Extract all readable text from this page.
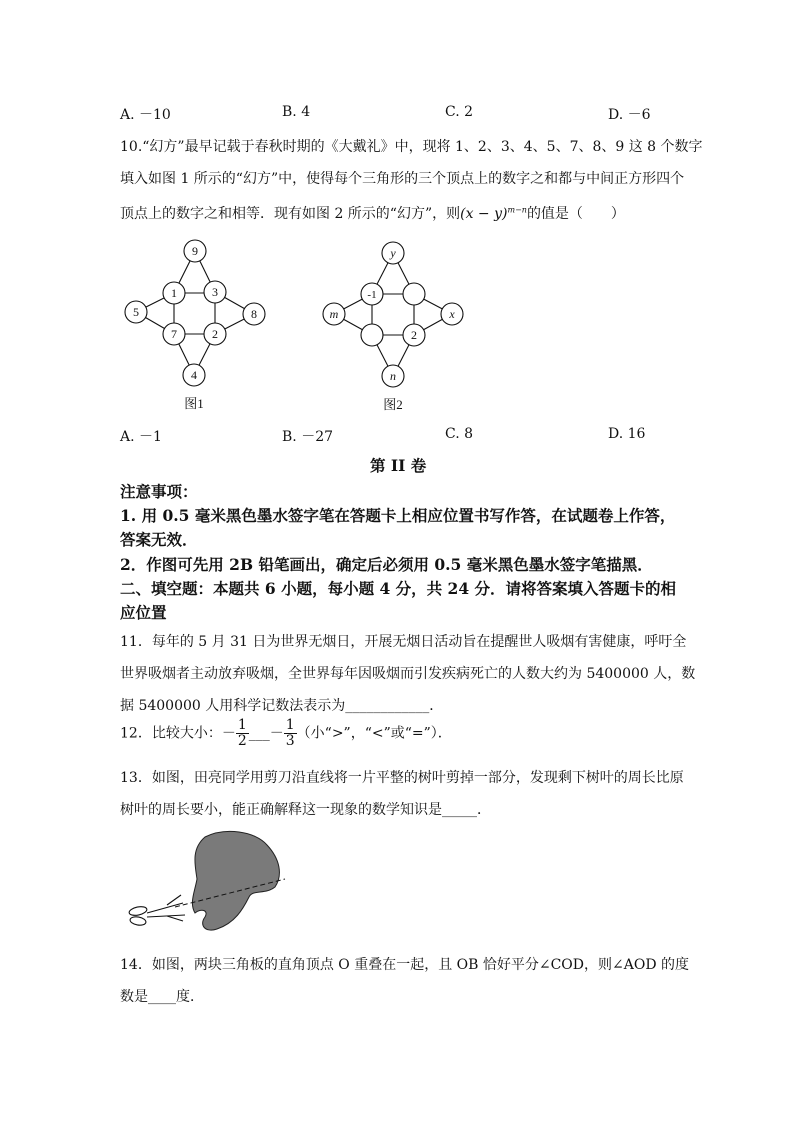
A. －10	B. 4	C. 2	D. －6
10.“幻方”最早记载于春秋时期的《大戴礼》中，现将 1、2、3、4、5、7、8、9 这 8 个数字
填入如图 1 所示的“幻方”中，使得每个三角形的三个顶点上的数字之和都与中间正方形四个
顶点上的数字之和相等．现有如图 2 所示的“幻方”，则$(x - y)^{m-n}$的值是（　　）
9
1	3
5	8
7	2
4
图1
y
-1
m	x
2
n
图2
A. －1	B. －27	C. 8	D. 16
第 II 卷
注意事项：
1. 用 0.5 毫米黑色墨水签字笔在答题卡上相应位置书写作答，在试题卷上作答，
答案无效．
2．作图可先用 2B 铅笔画出，确定后必须用 0.5 毫米黑色墨水签字笔描黑．
二、填空题：本题共 6 小题，每小题 4 分，共 24 分．请将答案填入答题卡的相
应位置
11．每年的 5 月 31 日为世界无烟日，开展无烟日活动旨在提醒世人吸烟有害健康，呼吁全
世界吸烟者主动放弃吸烟，全世界每年因吸烟而引发疾病死亡的人数大约为 5400000 人，数
据 5400000 人用科学记数法表示为____________．
12．比较大小：－ $\frac{1}{2}$ ___－ $\frac{1}{3}$ （小“>”，“<”或“=”）．
13．如图，田亮同学用剪刀沿直线将一片平整的树叶剪掉一部分，发现剩下树叶的周长比原
树叶的周长要小，能正确解释这一现象的数学知识是_____．
14．如图，两块三角板的直角顶点 O 重叠在一起，且 OB 恰好平分∠COD，则∠AOD 的度
数是____度．
